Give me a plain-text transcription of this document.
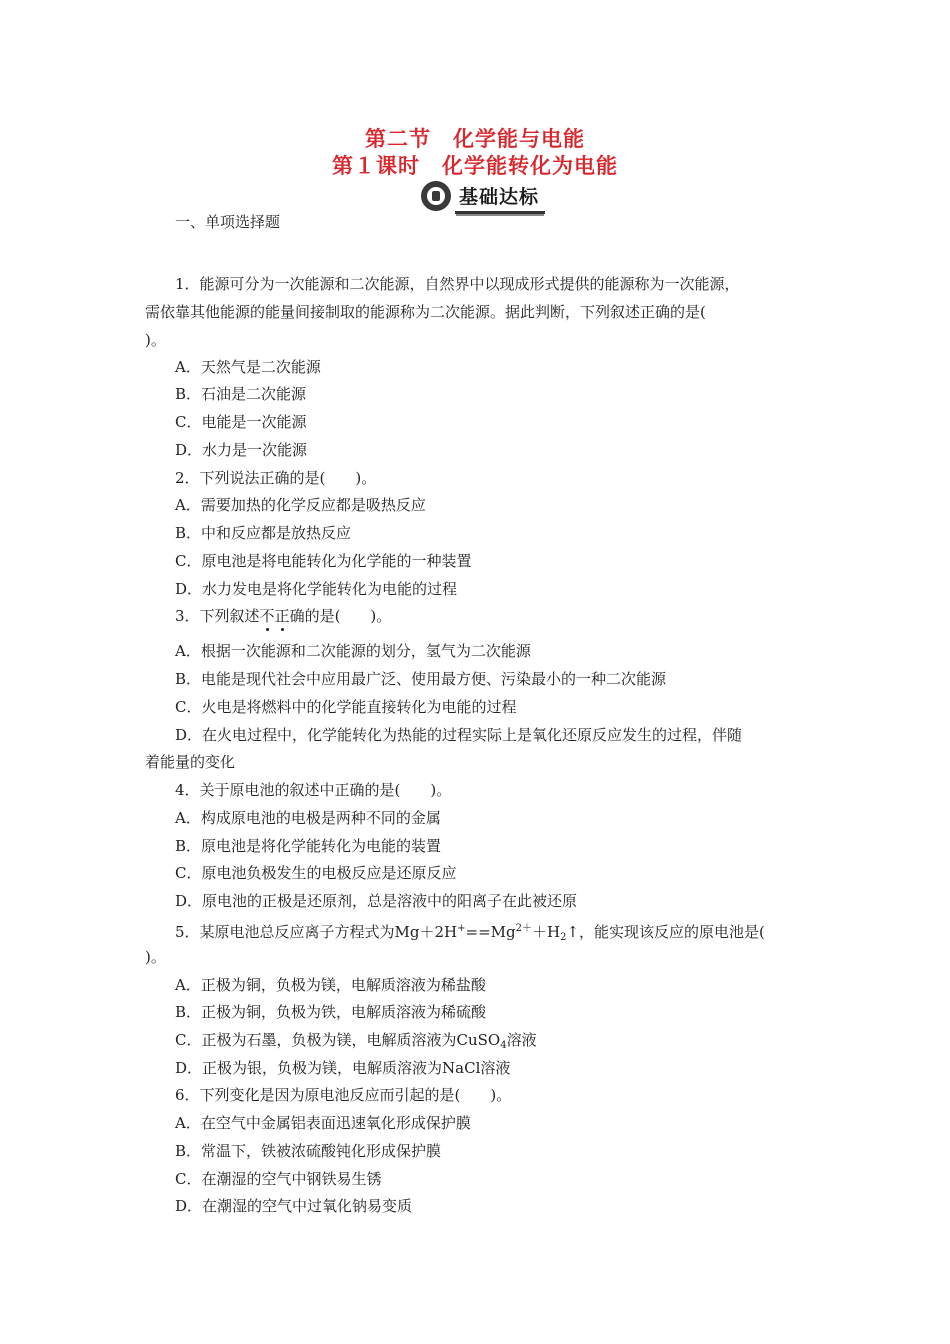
第二节　化学能与电能
第１课时　化学能转化为电能
基础达标
一、单项选择题
1．能源可分为一次能源和二次能源，自然界中以现成形式提供的能源称为一次能源，
需依靠其他能源的能量间接制取的能源称为二次能源。据此判断，下列叙述正确的是(
)。
A．天然气是二次能源
B．石油是二次能源
C．电能是一次能源
D．水力是一次能源
2．下列说法正确的是(　　)。
A．需要加热的化学反应都是吸热反应
B．中和反应都是放热反应
C．原电池是将电能转化为化学能的一种装置
D．水力发电是将化学能转化为电能的过程
3．下列叙述不正确的是(　　)。
A．根据一次能源和二次能源的划分，氢气为二次能源
B．电能是现代社会中应用最广泛、使用最方便、污染最小的一种二次能源
C．火电是将燃料中的化学能直接转化为电能的过程
D．在火电过程中，化学能转化为热能的过程实际上是氧化还原反应发生的过程，伴随
着能量的变化
4．关于原电池的叙述中正确的是(　　)。
A．构成原电池的电极是两种不同的金属
B．原电池是将化学能转化为电能的装置
C．原电池负极发生的电极反应是还原反应
D．原电池的正极是还原剂，总是溶液中的阳离子在此被还原
5．某原电池总反应离子方程式为$Mg+2H^+==Mg^{2+}+H_2↑$，能实现该反应的原电池是(
)。
A．正极为铜，负极为镁，电解质溶液为稀盐酸
B．正极为铜，负极为铁，电解质溶液为稀硫酸
C．正极为石墨，负极为镁，电解质溶液为CuSO$_4$溶液
D．正极为银，负极为镁，电解质溶液为NaCl溶液
6．下列变化是因为原电池反应而引起的是(　　)。
A．在空气中金属铝表面迅速氧化形成保护膜
B．常温下，铁被浓硫酸钝化形成保护膜
C．在潮湿的空气中钢铁易生锈
D．在潮湿的空气中过氧化钠易变质
